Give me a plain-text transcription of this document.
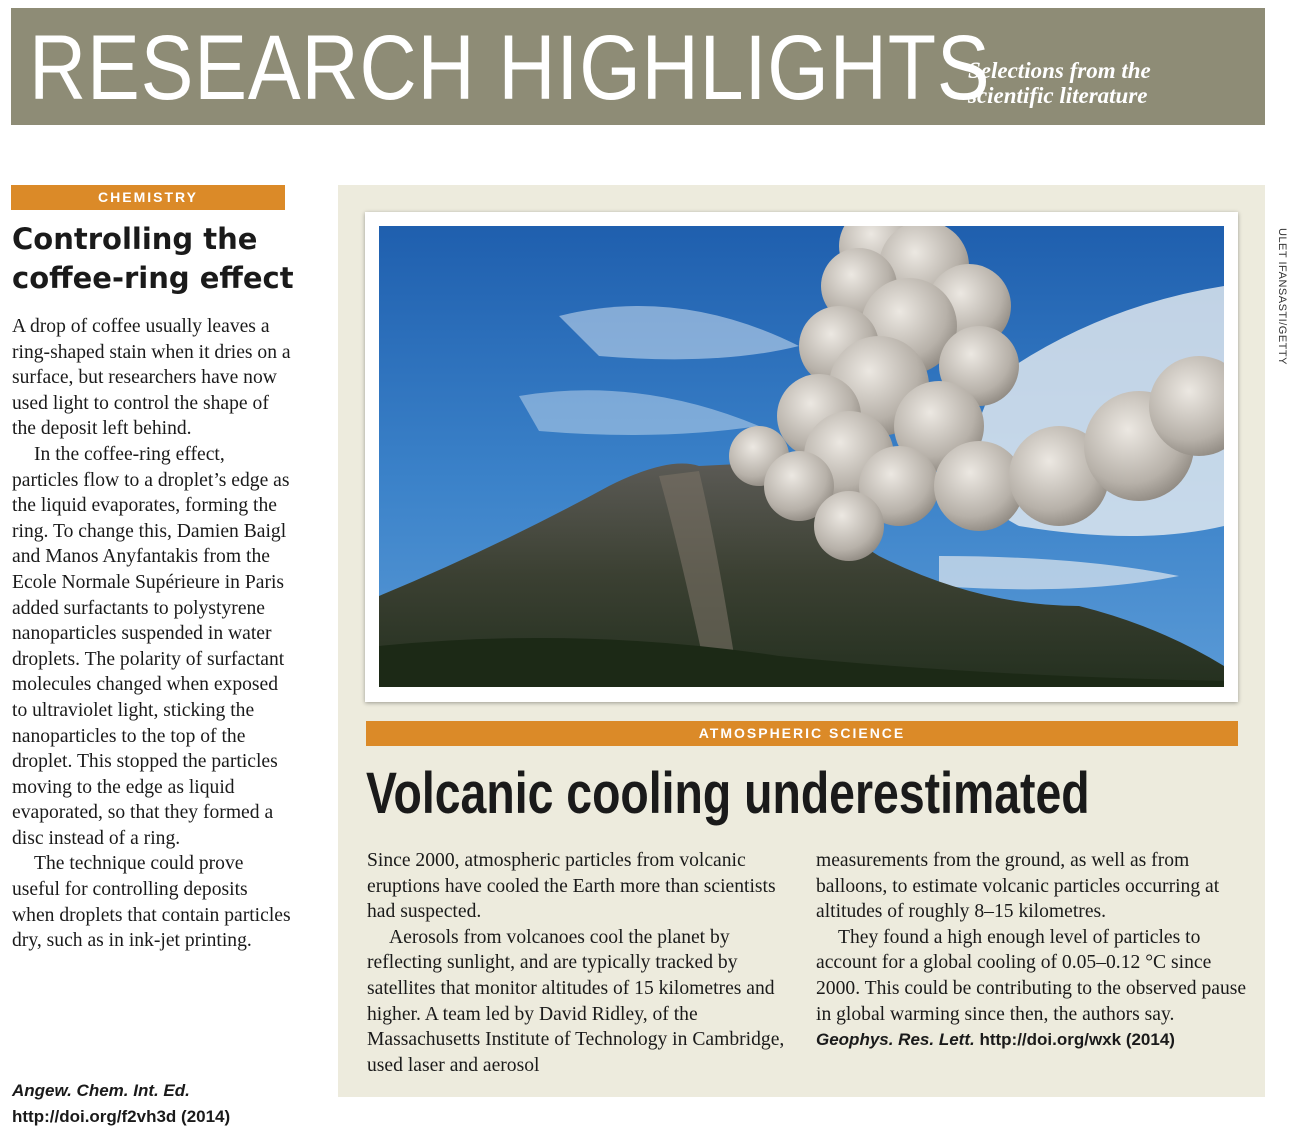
RESEARCH HIGHLIGHTS
Selections from the
scientific literature
CHEMISTRY
Controlling the
coffee-ring effect

A drop of coffee usually leaves a ring-shaped stain when it dries on a surface, but researchers have now used light to control the shape of the deposit left behind.

In the coffee-ring effect, particles flow to a droplet’s edge as the liquid evaporates, forming the ring. To change this, Damien Baigl and Manos Anyfantakis from the Ecole Normale Supérieure in Paris added surfactants to polystyrene nanoparticles suspended in water droplets. The polarity of surfactant molecules changed when exposed to ultraviolet light, sticking the nanoparticles to the top of the droplet. This stopped the particles moving to the edge as liquid evaporated, so that they formed a disc instead of a ring.

The technique could prove useful for controlling deposits when droplets that contain particles dry, such as in ink-jet printing.

Angew. Chem. Int. Ed. http://doi.org/f2vh3d (2014)
ULET IFANSASTI/GETTY
ATMOSPHERIC SCIENCE
Volcanic cooling underestimated

Since 2000, atmospheric particles from volcanic eruptions have cooled the Earth more than scientists had suspected.

Aerosols from volcanoes cool the planet by reflecting sunlight, and are typically tracked by satellites that monitor altitudes of 15 kilometres and higher. A team led by David Ridley, of the Massachusetts Institute of Technology in Cambridge, used laser and aerosol

measurements from the ground, as well as from balloons, to estimate volcanic particles occurring at altitudes of roughly 8–15 kilometres.

They found a high enough level of particles to account for a global cooling of 0.05–0.12 °C since 2000. This could be contributing to the observed pause in global warming since then, the authors say.

Geophys. Res. Lett. http://doi.org/wxk (2014)
